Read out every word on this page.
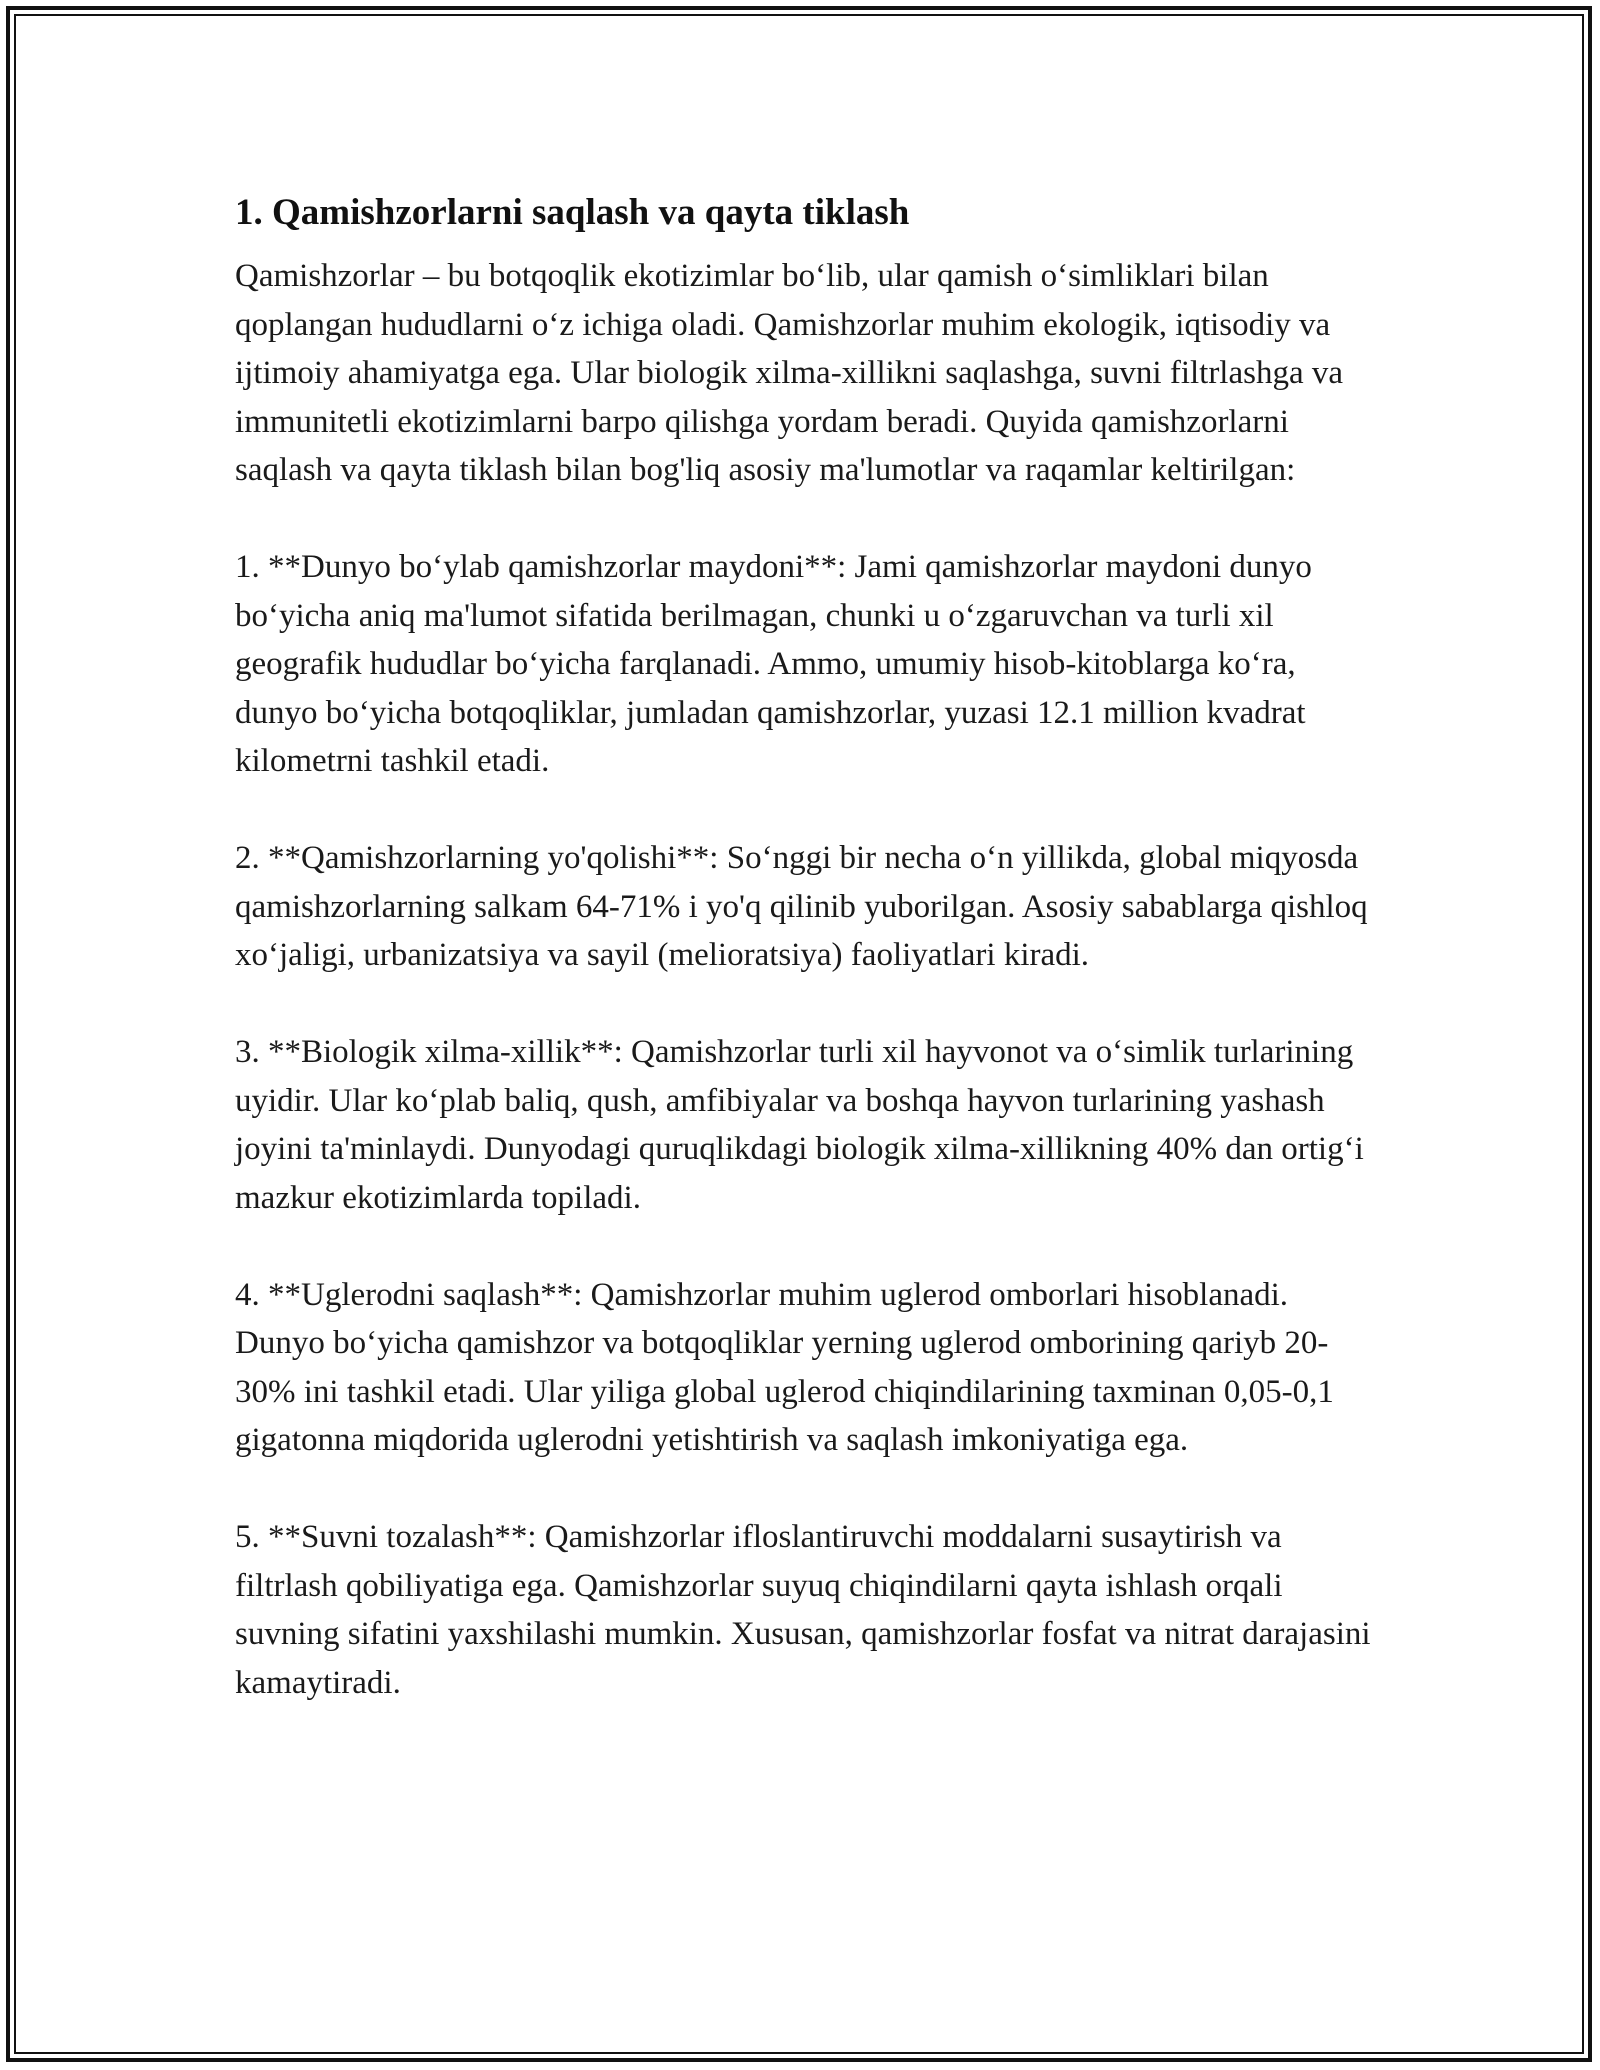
1. Qamishzorlarni saqlash va qayta tiklash

Qamishzorlar – bu botqoqlik ekotizimlar bo‘lib, ular qamish o‘simliklari bilan qoplangan hududlarni o‘z ichiga oladi. Qamishzorlar muhim ekologik, iqtisodiy va ijtimoiy ahamiyatga ega. Ular biologik xilma-xillikni saqlashga, suvni filtrlashga va immunitetli ekotizimlarni barpo qilishga yordam beradi. Quyida qamishzorlarni saqlash va qayta tiklash bilan bog'liq asosiy ma'lumotlar va raqamlar keltirilgan:

1. **Dunyo bo‘ylab qamishzorlar maydoni**: Jami qamishzorlar maydoni dunyo bo‘yicha aniq ma'lumot sifatida berilmagan, chunki u o‘zgaruvchan va turli xil geografik hududlar bo‘yicha farqlanadi. Ammo, umumiy hisob-kitoblarga ko‘ra, dunyo bo‘yicha botqoqliklar, jumladan qamishzorlar, yuzasi 12.1 million kvadrat kilometrni tashkil etadi.

2. **Qamishzorlarning yo'qolishi**: So‘nggi bir necha o‘n yillikda, global miqyosda qamishzorlarning salkam 64-71% i yo'q qilinib yuborilgan. Asosiy sabablarga qishloq xo‘jaligi, urbanizatsiya va sayil (melioratsiya) faoliyatlari kiradi.

3. **Biologik xilma-xillik**: Qamishzorlar turli xil hayvonot va o‘simlik turlarining uyidir. Ular ko‘plab baliq, qush, amfibiyalar va boshqa hayvon turlarining yashash joyini ta'minlaydi. Dunyodagi quruqlikdagi biologik xilma-xillikning 40% dan ortig‘i mazkur ekotizimlarda topiladi.

4. **Uglerodni saqlash**: Qamishzorlar muhim uglerod omborlari hisoblanadi. Dunyo bo‘yicha qamishzor va botqoqliklar yerning uglerod omborining qariyb 20-30% ini tashkil etadi. Ular yiliga global uglerod chiqindilarining taxminan 0,05-0,1 gigatonna miqdorida uglerodni yetishtirish va saqlash imkoniyatiga ega.

5. **Suvni tozalash**: Qamishzorlar ifloslantiruvchi moddalarni susaytirish va filtrlash qobiliyatiga ega. Qamishzorlar suyuq chiqindilarni qayta ishlash orqali suvning sifatini yaxshilashi mumkin. Xususan, qamishzorlar fosfat va nitrat darajasini kamaytiradi.
